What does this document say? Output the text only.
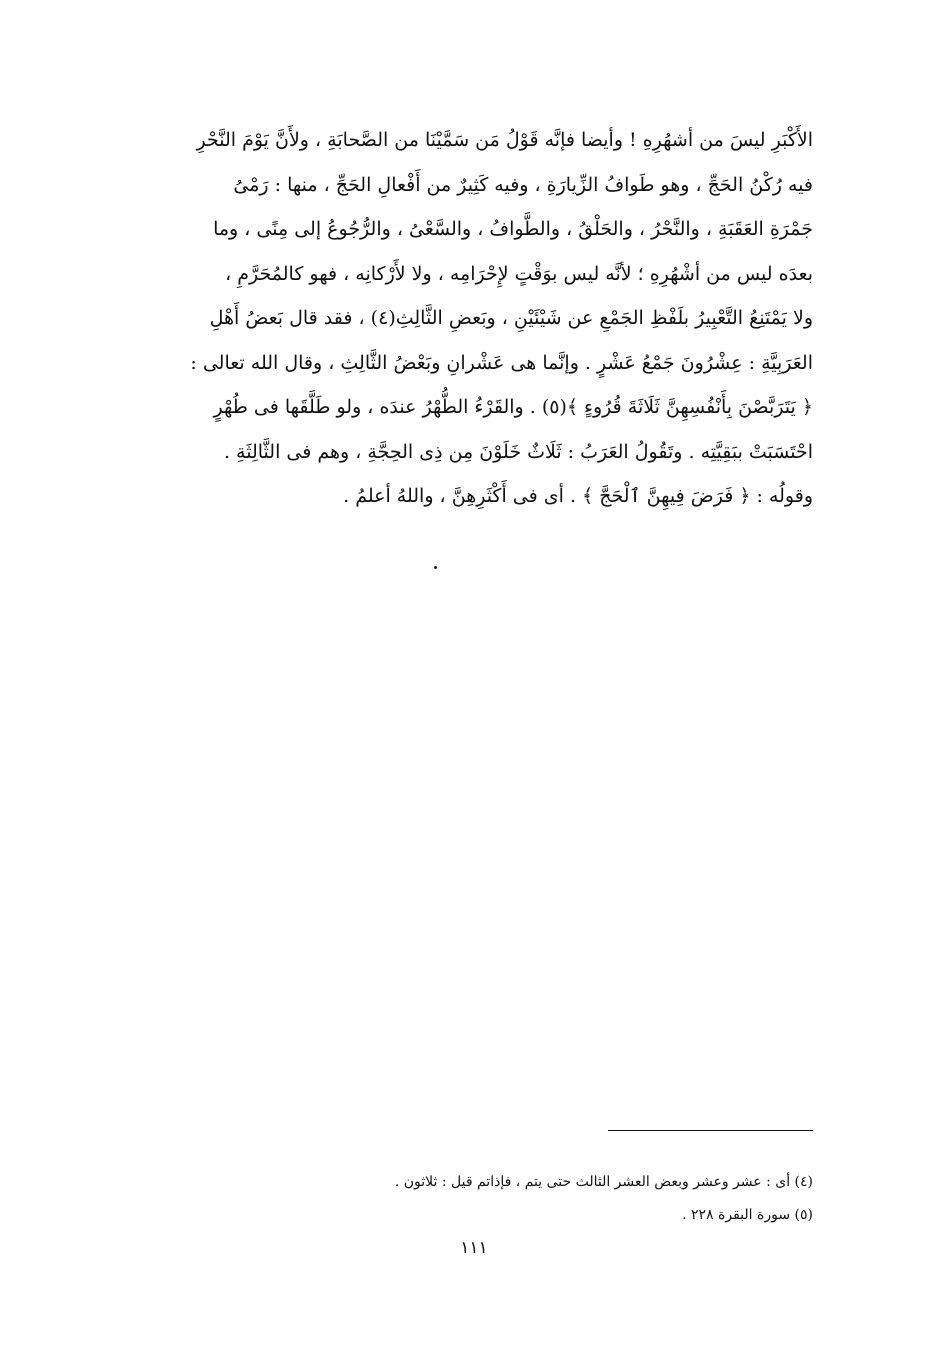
الأَكْبَرِ ليسَ من أشهُرِهِ ! وأيضا فإنَّه قَوْلُ مَن سَمَّيْنَا من الصَّحابَةِ ، ولأَنَّ يَوْمَ النَّحْرِ
فيه رُكْنُ الحَجِّ ، وهو طَوافُ الزِّيارَةِ ، وفيه كَثِيرٌ من أَفْعالِ الحَجِّ ، منها : رَمْىُ
جَمْرَةِ العَقَبَةِ ، والنَّحْرُ ، والحَلْقُ ، والطَّوافُ ، والسَّعْىُ ، والرُّجُوعُ إلى مِنًى ، وما
بعدَه ليس من أشْهُرِهِ ؛ لأنَّه ليس بوَقْتٍ لإِحْرَامِه ، ولا لأَرْكانِه ، فهو كالمُحَرَّمِ ،
ولا يَمْتَنِعُ التَّعْبِيرُ بلَفْظِ الجَمْعِ عن شَيْئَيْنِ ، وبَعضِ الثَّالِثِ(٤) ، فقد قال بَعضُ أَهْلِ
العَرَبِيَّةِ : عِشْرُونَ جَمْعُ عَشْرٍ . وإنَّما هى عَشْرانِ وبَعْضُ الثَّالِثِ ، وقال الله تعالى :
﴿ يَتَرَبَّصْنَ بِأَنْفُسِهِنَّ ثَلَاثَةَ قُرُوءٍ ﴾(٥) . والقَرْءُ الطُّهْرُ عندَه ، ولو طَلَّقَها فى طُهْرٍ
احْتَسَبَتْ ببَقِيَّتِه . وتَقُولُ العَرَبُ : ثَلَاثٌ خَلَوْنَ مِن ذِى الحِجَّةِ ، وهم فى الثَّالِثَةِ .
وقولُه : ﴿ فَرَضَ فِيهِنَّ ٱلْحَجَّ ﴾ . أى فى أَكْثَرِهِنَّ ، واللهُ أعلمُ .
(٤) أى : عشر وعشر وبعض العشر الثالث حتى يتم ، فإذاتم قيل : ثلاثون .
(٥) سورة البقرة ٢٢٨ .
١١١
